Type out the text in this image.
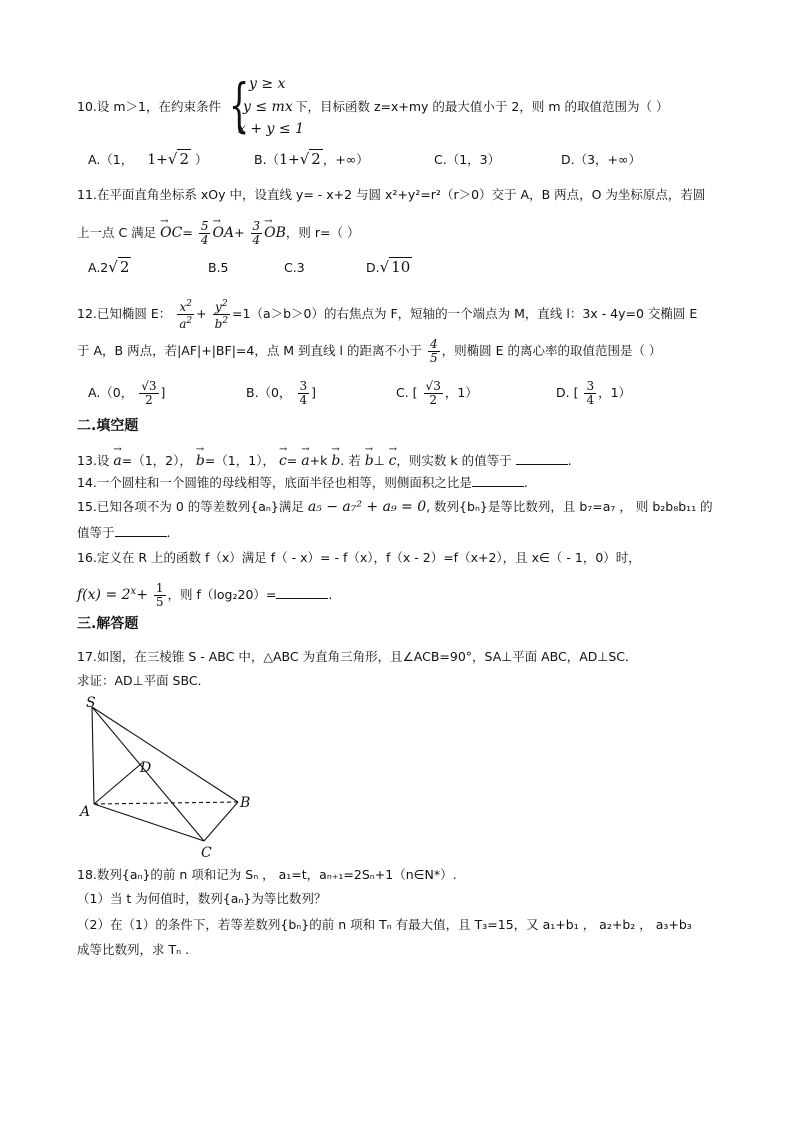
10.设 m＞1，在约束条件 { y ≥ x
y ≤ mx
x + y ≤ 1
下，目标函数 z=x+my 的最大值小于 2，则 m 的取值范围为（ ）
A.（1， 1+√ 2 ）	B.（1+√ 2 ，+∞）	C.（1，3）	D.（3，+∞）
11.在平面直角坐标系 xOy 中，设直线 y= - x+2 与圆 x²+y²=r²（r＞0）交于 A，B 两点，O 为坐标原点，若圆
上一点 C 满足 → $OC= \frac{5}{4}$
→ $OA+ \frac{3}{4}$
→ OB，则 r=（ ）
A.2√ 2	B.5	C.3	D.√ 10
12.已知椭圆 E： $\frac{x^2}{a^2} + \frac{y^2}{b^2} =1(a>b>0)$的右焦点为 F，短轴的一个端点为 M，直线 l：3x - 4y=0 交椭圆 E
于 A，B 两点，若|AF|+|BF|=4，点 M 到直线 l 的距离不小于 $\frac{4}{5}$ ，则椭圆 E 的离心率的取值范围是（ ）
A.（0， $\frac{√3}{2}$ ]	B.（0， $\frac{3}{4}$ ]	C. [ $\frac{√3}{2}$ ，1）	D. [ $\frac{3}{4}$ ，1）
二.填空题
13.设 → a=（1，2）， → b=（1，1）， → c= → a+k → b. 若 → b⊥ → c，则实数 k 的值等于	.
14.一个圆柱和一个圆锥的母线相等，底面半径也相等，则侧面积之比是	.
15.已知各项不为 0 的等差数列{aₙ}满足 a₅ − a₇² + a₉ = 0, 数列{bₙ}是等比数列，且 b₇=a₇ ， 则 b₂b₈b₁₁ 的
值等于	.
16.定义在 R 上的函数 f（x）满足 f（ - x）= - f（x），f（x - 2）=f（x+2），且 x∈（ - 1，0）时，
$f(x) = 2^x+ \frac{1}{5}$ ，则 f（log₂20）=	.
三.解答题
17.如图，在三棱锥 S - ABC 中，△ABC 为直角三角形，且∠ACB=90°，SA⊥平面 ABC，AD⊥SC．
求证：AD⊥平面 SBC．
S
D
A
B
C
18.数列{aₙ}的前 n 项和记为 Sₙ ， a₁=t，aₙ₊₁=2Sₙ+1（n∈N*）.
（1）当 t 为何值时，数列{aₙ}为等比数列？
（2）在（1）的条件下，若等差数列{bₙ}的前 n 项和 Tₙ 有最大值，且 T₃=15，又 a₁+b₁ ， a₂+b₂ ， a₃+b₃
成等比数列，求 Tₙ .
